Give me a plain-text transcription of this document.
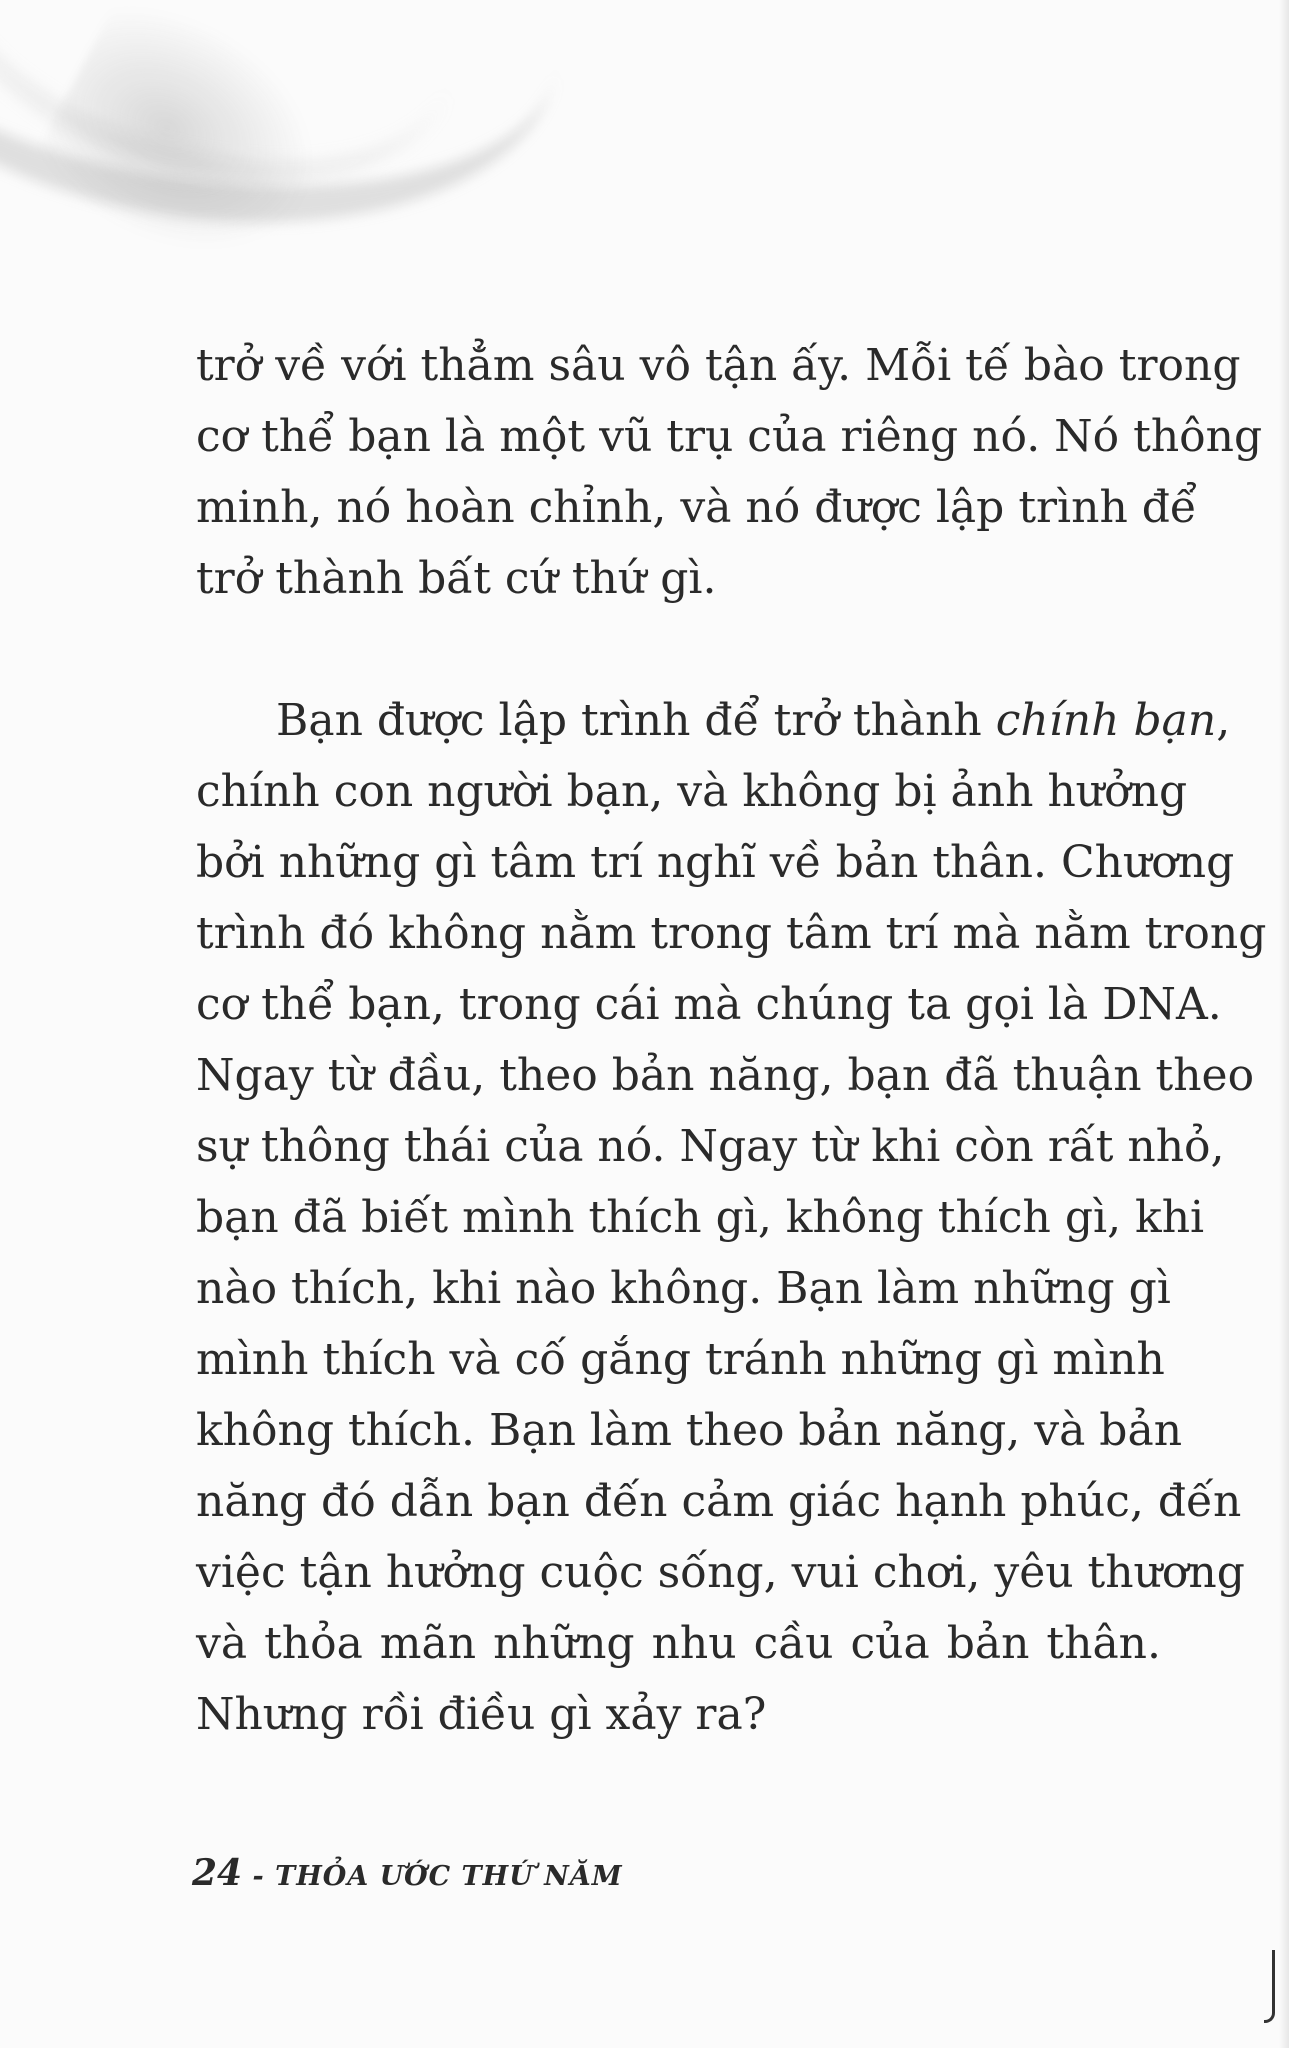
trở về với thẳm sâu vô tận ấy. Mỗi tế bào trong
cơ thể bạn là một vũ trụ của riêng nó. Nó thông
minh, nó hoàn chỉnh, và nó được lập trình để
trở thành bất cứ thứ gì.
Bạn được lập trình để trở thành chính bạn,
chính con người bạn, và không bị ảnh hưởng
bởi những gì tâm trí nghĩ về bản thân. Chương
trình đó không nằm trong tâm trí mà nằm trong
cơ thể bạn, trong cái mà chúng ta gọi là DNA.
Ngay từ đầu, theo bản năng, bạn đã thuận theo
sự thông thái của nó. Ngay từ khi còn rất nhỏ,
bạn đã biết mình thích gì, không thích gì, khi
nào thích, khi nào không. Bạn làm những gì
mình thích và cố gắng tránh những gì mình
không thích. Bạn làm theo bản năng, và bản
năng đó dẫn bạn đến cảm giác hạnh phúc, đến
việc tận hưởng cuộc sống, vui chơi, yêu thương
và thỏa mãn những nhu cầu của bản thân.
Nhưng rồi điều gì xảy ra?
24 - THỎA ƯỚC THỨ NĂM
